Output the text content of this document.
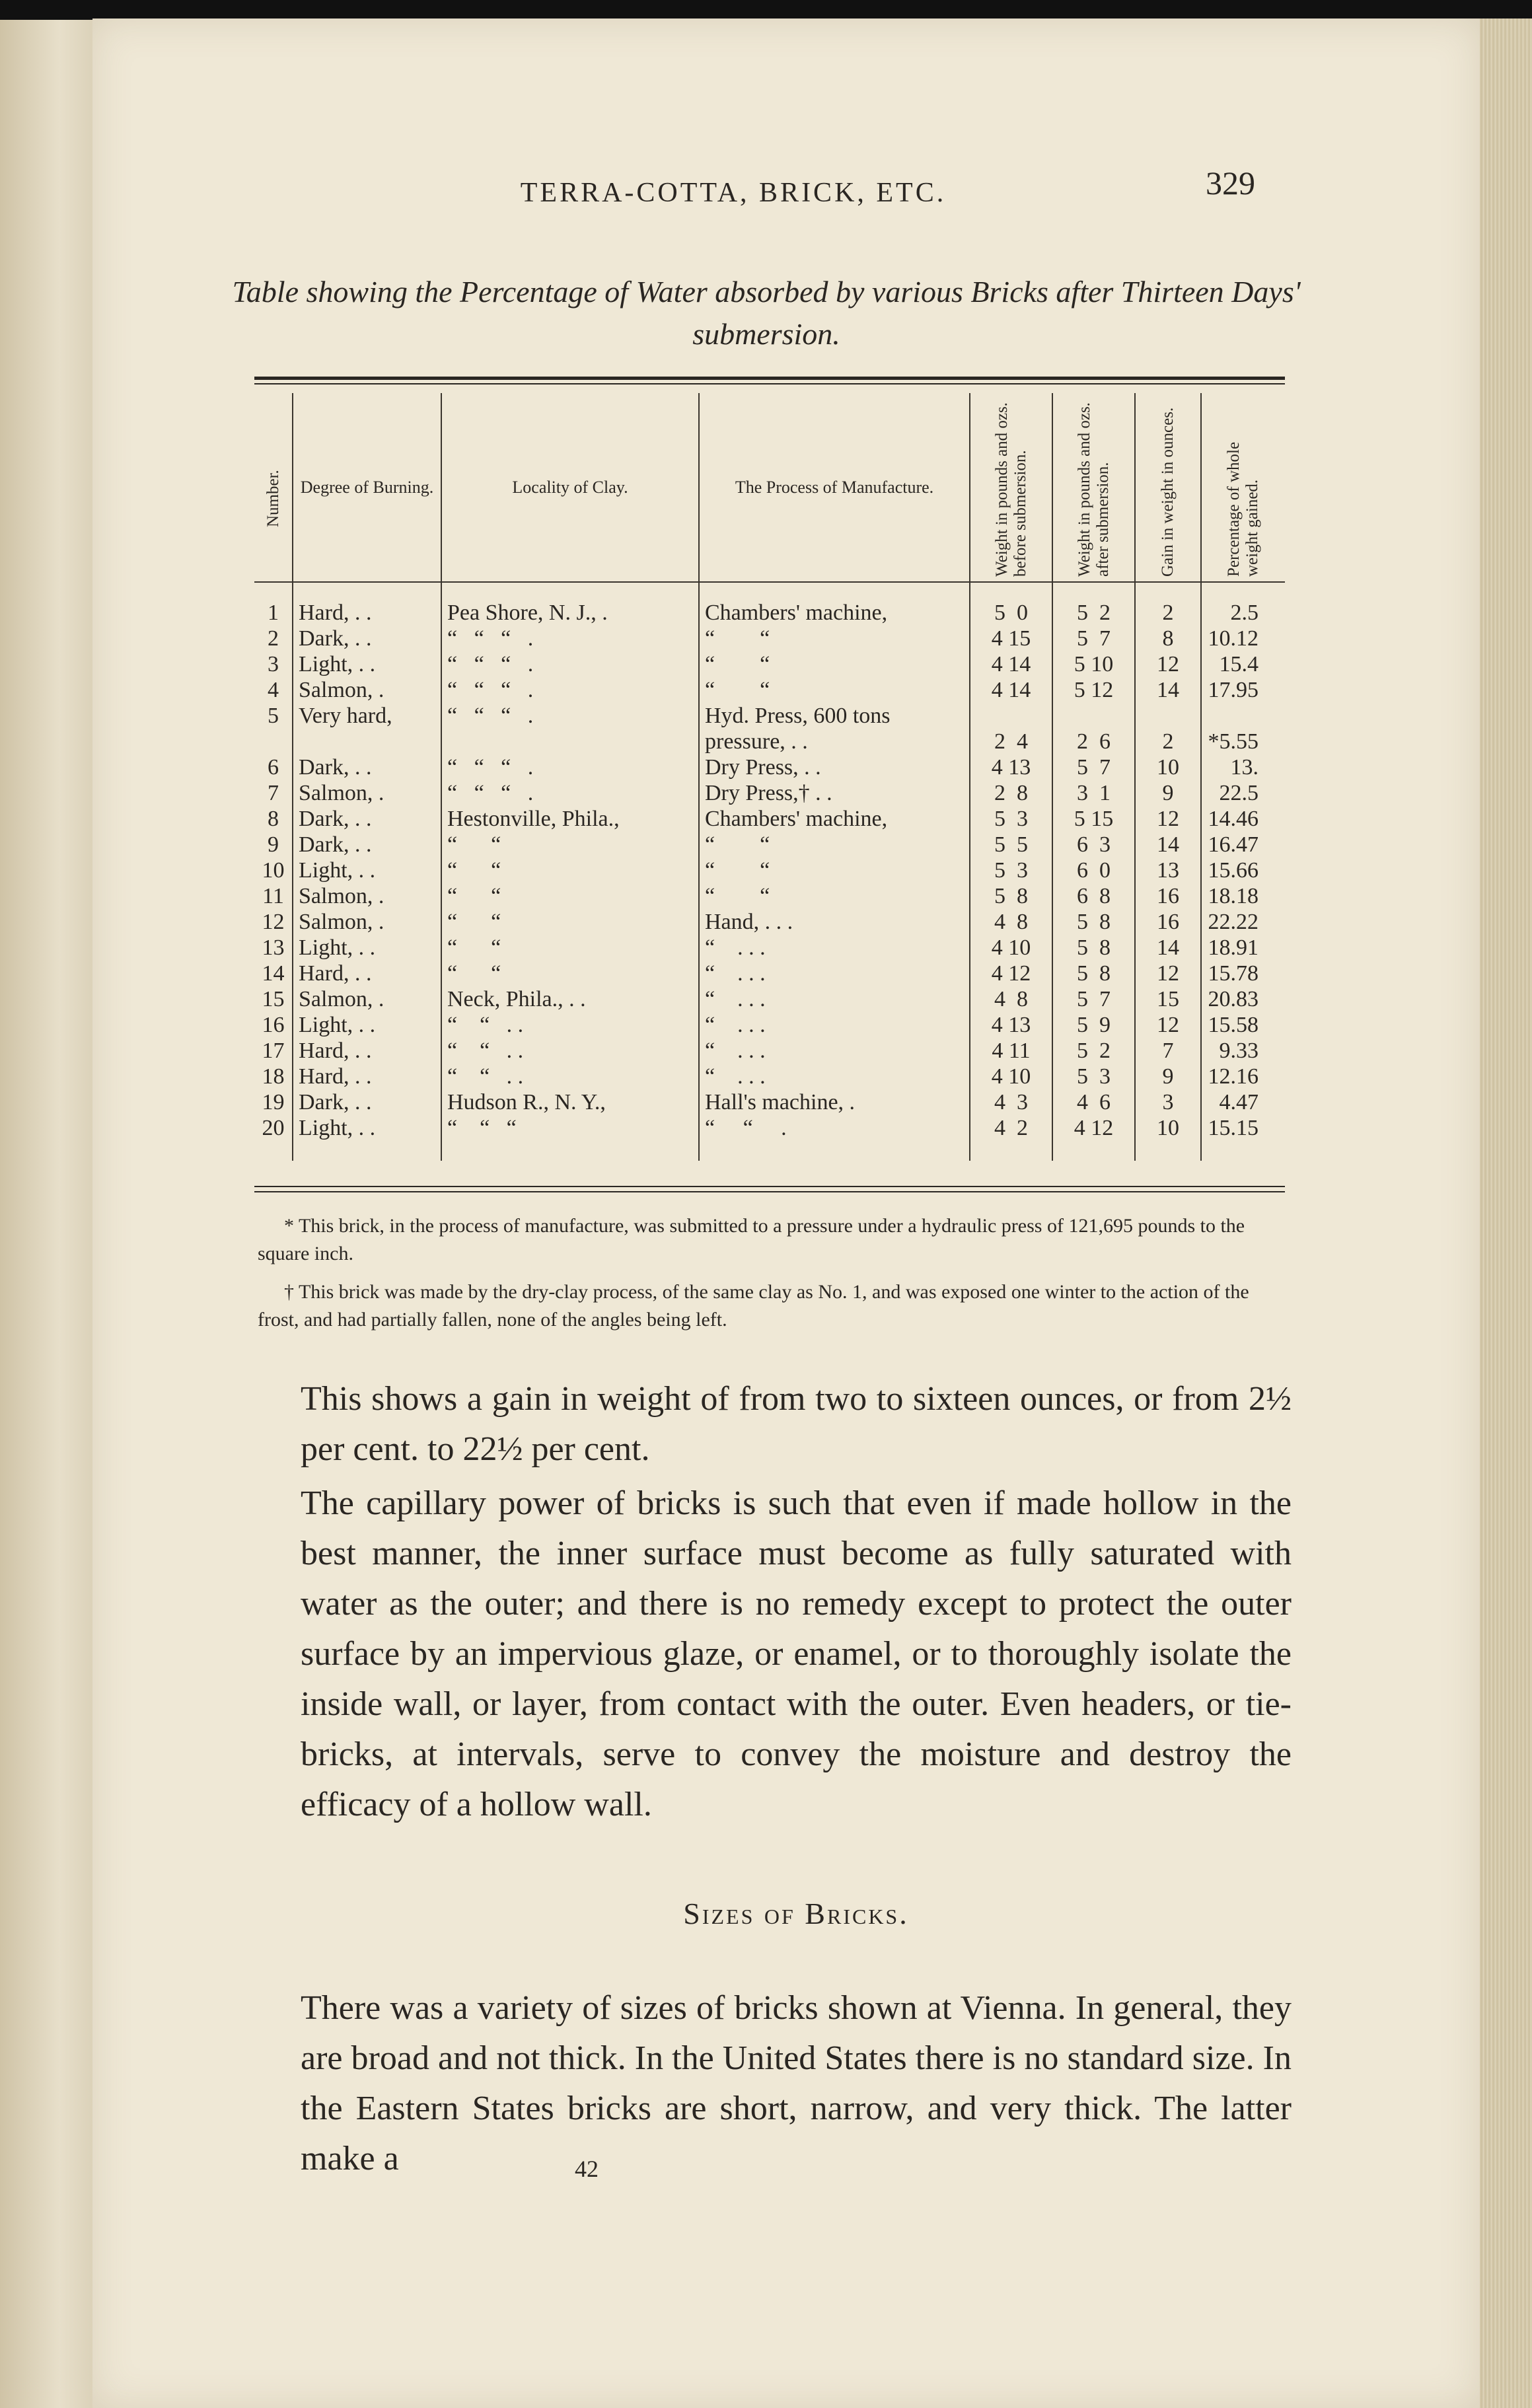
TERRA-COTTA, BRICK, ETC.	329
Table showing the Percentage of Water absorbed by various Bricks after Thirteen Days' submersion.
Number.	Degree of Burning.	Locality of Clay.	The Process of Manufacture.	Weight in pounds and ozs. before submersion.	Weight in pounds and ozs. after submersion.	Gain in weight in ounces.	Percentage of whole weight gained.

1	Hard, . .	Pea Shore, N. J., .	Chambers' machine,	5  0	5  2	2	2.5
2	Dark, . .	“   “   “   .	“        “	4 15	5  7	8	10.12
3	Light, . .	“   “   “   .	“        “	4 14	5 10	12	15.4
4	Salmon, .	“   “   “   .	“        “	4 14	5 12	14	17.95
5	Very hard,	“   “   “   .	Hyd. Press, 600 tons				
			pressure, . .	2  4	2  6	2	*5.55
6	Dark, . .	“   “   “   .	Dry Press, . .	4 13	5  7	10	13.
7	Salmon, .	“   “   “   .	Dry Press,† . .	2  8	3  1	9	22.5
8	Dark, . .	Hestonville, Phila.,	Chambers' machine,	5  3	5 15	12	14.46
9	Dark, . .	“      “	“        “	5  5	6  3	14	16.47
10	Light, . .	“      “	“        “	5  3	6  0	13	15.66
11	Salmon, .	“      “	“        “	5  8	6  8	16	18.18
12	Salmon, .	“      “	Hand, . . .	4  8	5  8	16	22.22
13	Light, . .	“      “	“    . . .	4 10	5  8	14	18.91
14	Hard, . .	“      “	“    . . .	4 12	5  8	12	15.78
15	Salmon, .	Neck, Phila., . .	“    . . .	4  8	5  7	15	20.83
16	Light, . .	“    “   . .	“    . . .	4 13	5  9	12	15.58
17	Hard, . .	“    “   . .	“    . . .	4 11	5  2	7	9.33
18	Hard, . .	“    “   . .	“    . . .	4 10	5  3	9	12.16
19	Dark, . .	Hudson R., N. Y.,	Hall's machine, .	4  3	4  6	3	4.47
20	Light, . .	“    “   “	“     “     .	4  2	4 12	10	15.15

* This brick, in the process of manufacture, was submitted to a pressure under a hydraulic press of 121,695 pounds to the square inch.

† This brick was made by the dry-clay process, of the same clay as No. 1, and was exposed one winter to the action of the frost, and had partially fallen, none of the angles being left.

This shows a gain in weight of from two to sixteen ounces, or from 2½ per cent. to 22½ per cent.

The capillary power of bricks is such that even if made hollow in the best manner, the inner surface must become as fully saturated with water as the outer; and there is no remedy except to protect the outer surface by an impervious glaze, or enamel, or to thoroughly isolate the inside wall, or layer, from contact with the outer. Even headers, or tie-bricks, at intervals, serve to convey the moisture and destroy the efficacy of a hollow wall.

Sizes of Bricks.

There was a variety of sizes of bricks shown at Vienna. In general, they are broad and not thick. In the United States there is no standard size. In the Eastern States bricks are short, narrow, and very thick. The latter make a	42
